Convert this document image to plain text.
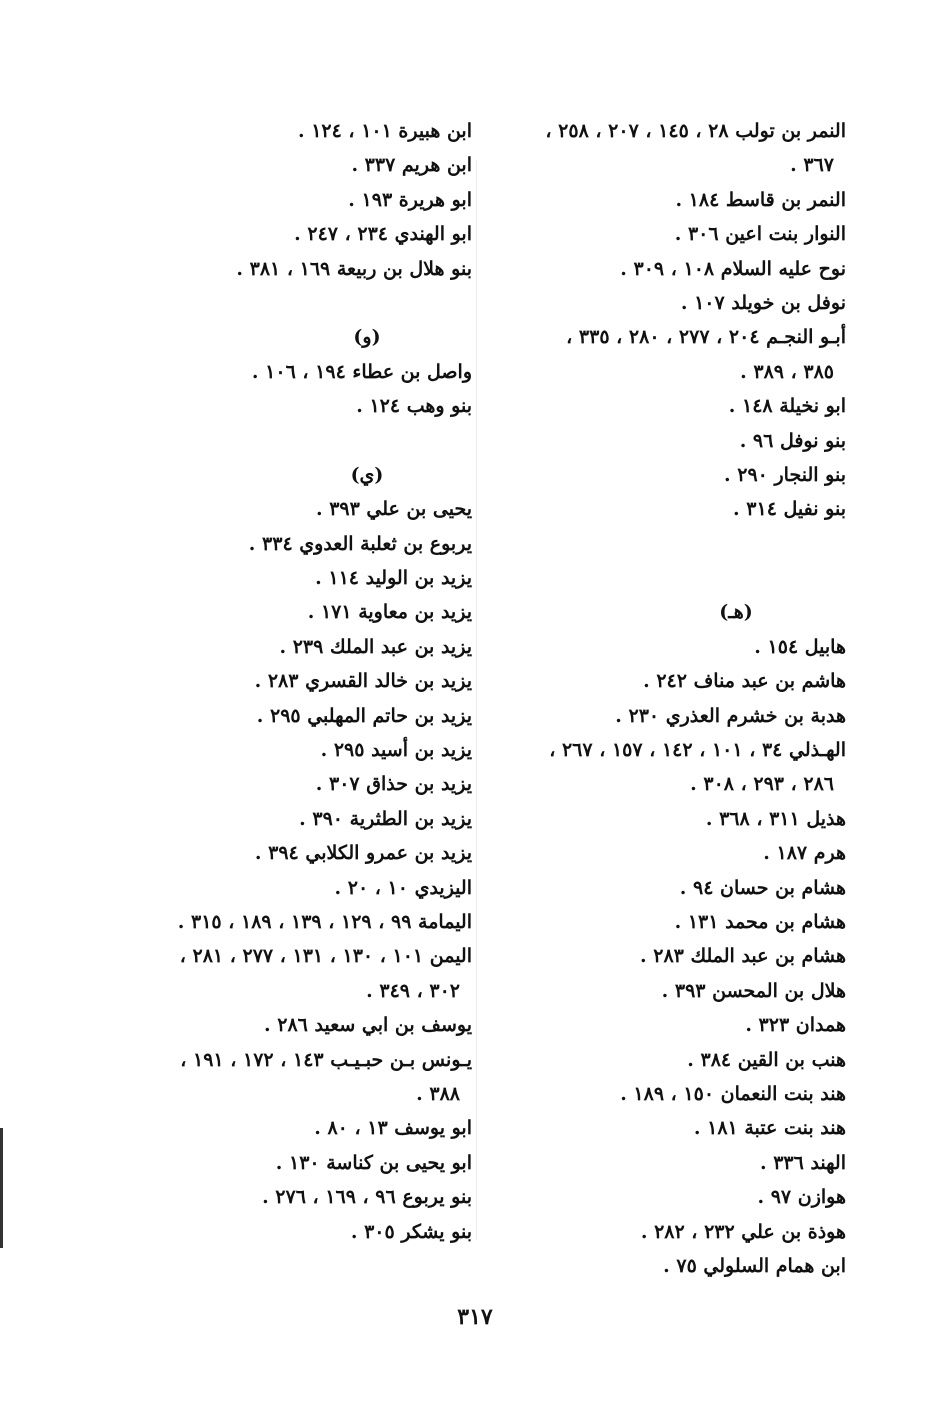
النمر بن تولب ٢٨ ، ١٤٥ ، ٢٠٧ ، ٢٥٨ ،
٣٦٧ .
النمر بن قاسط ١٨٤ .
النوار بنت اعين ٣٠٦ .
نوح عليه السلام ١٠٨ ، ٣٠٩ .
نوفل بن خويلد ١٠٧ .
أبـو النجـم ٢٠٤ ، ٢٧٧ ، ٢٨٠ ، ٣٣٥ ،
٣٨٥ ، ٣٨٩ .
ابو نخيلة ١٤٨ .
بنو نوفل ٩٦ .
بنو النجار ٢٩٠ .
بنو نفيل ٣١٤ .
(هـ)
هابيل ١٥٤ .
هاشم بن عبد مناف ٢٤٢ .
هدبة بن خشرم العذري ٢٣٠ .
الهـذلي ٣٤ ، ١٠١ ، ١٤٢ ، ١٥٧ ، ٢٦٧ ،
٢٨٦ ، ٢٩٣ ، ٣٠٨ .
هذيل ٣١١ ، ٣٦٨ .
هرم ١٨٧ .
هشام بن حسان ٩٤ .
هشام بن محمد ١٣١ .
هشام بن عبد الملك ٢٨٣ .
هلال بن المحسن ٣٩٣ .
همدان ٣٢٣ .
هنب بن القين ٣٨٤ .
هند بنت النعمان ١٥٠ ، ١٨٩ .
هند بنت عتبة ١٨١ .
الهند ٣٣٦ .
هوازن ٩٧ .
هوذة بن علي ٢٣٢ ، ٢٨٢ .
ابن همام السلولي ٧٥ .
ابن هبيرة ١٠١ ، ١٢٤ .
ابن هريم ٣٣٧ .
ابو هريرة ١٩٣ .
ابو الهندي ٢٣٤ ، ٢٤٧ .
بنو هلال بن ربيعة ١٦٩ ، ٣٨١ .
(و)
واصل بن عطاء ١٩٤ ، ١٠٦ .
بنو وهب ١٢٤ .
(ي)
يحيى بن علي ٣٩٣ .
يربوع بن ثعلبة العدوي ٣٣٤ .
يزيد بن الوليد ١١٤ .
يزيد بن معاوية ١٧١ .
يزيد بن عبد الملك ٢٣٩ .
يزيد بن خالد القسري ٢٨٣ .
يزيد بن حاتم المهلبي ٢٩٥ .
يزيد بن أسيد ٢٩٥ .
يزيد بن حذاق ٣٠٧ .
يزيد بن الطثرية ٣٩٠ .
يزيد بن عمرو الكلابي ٣٩٤ .
اليزيدي ١٠ ، ٢٠ .
اليمامة ٩٩ ، ١٢٩ ، ١٣٩ ، ١٨٩ ، ٣١٥ .
اليمن ١٠١ ، ١٣٠ ، ١٣١ ، ٢٧٧ ، ٢٨١ ،
٣٠٢ ، ٣٤٩ .
يوسف بن ابي سعيد ٢٨٦ .
يـونس بـن حبـيـب ١٤٣ ، ١٧٢ ، ١٩١ ،
٣٨٨ .
ابو يوسف ١٣ ، ٨٠ .
ابو يحيى بن كناسة ١٣٠ .
بنو يربوع ٩٦ ، ١٦٩ ، ٢٧٦ .
بنو يشكر ٣٠٥ .
٣١٧
